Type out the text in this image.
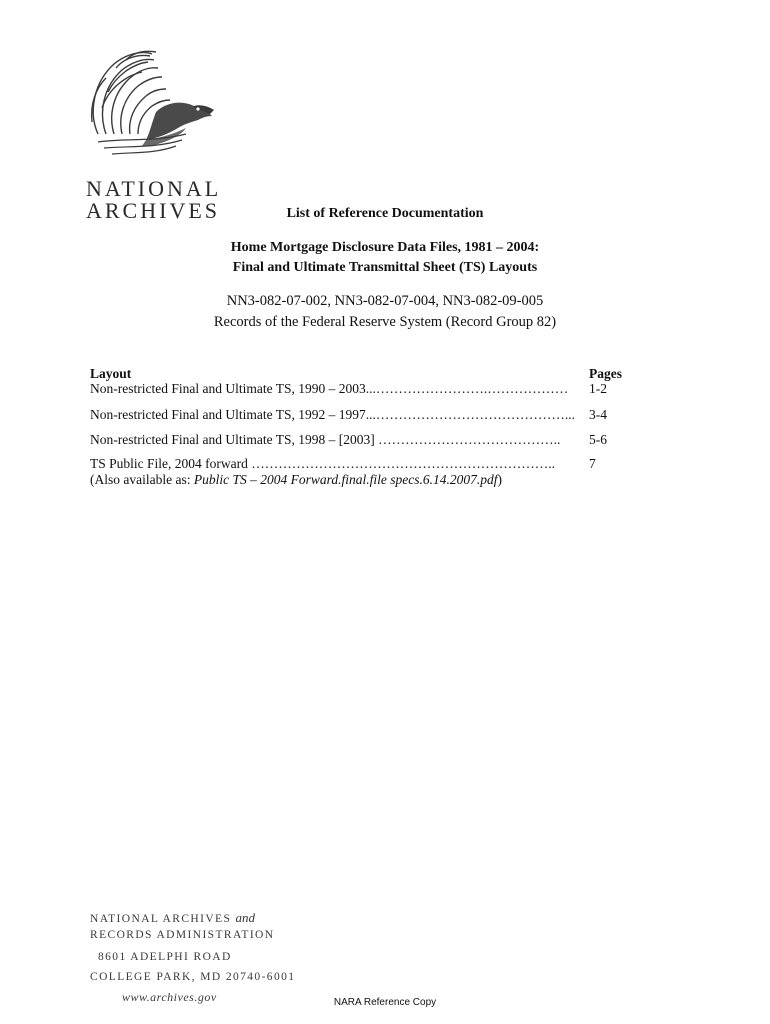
NATIONAL
ARCHIVES	List of Reference Documentation
Home Mortgage Disclosure Data Files, 1981 – 2004:
Final and Ultimate Transmittal Sheet (TS) Layouts
NN3-082-07-002, NN3-082-07-004, NN3-082-09-005
Records of the Federal Reserve System (Record Group 82)
Layout	Pages
Non-restricted Final and Ultimate TS, 1990 – 2003...…………………….……………… 1-2
Non-restricted Final and Ultimate TS, 1992 – 1997...……………………………………... 3-4
Non-restricted Final and Ultimate TS, 1998 – [2003] ………………………………….. 5-6
TS Public File, 2004 forward …………………………………………………………..	7
(Also available as: Public TS – 2004 Forward.final.file specs.6.14.2007.pdf)
NATIONAL ARCHIVES and
RECORDS ADMINISTRATION
8601 ADELPHI ROAD
COLLEGE PARK, MD 20740-6001
www.archives.gov	NARA Reference Copy
